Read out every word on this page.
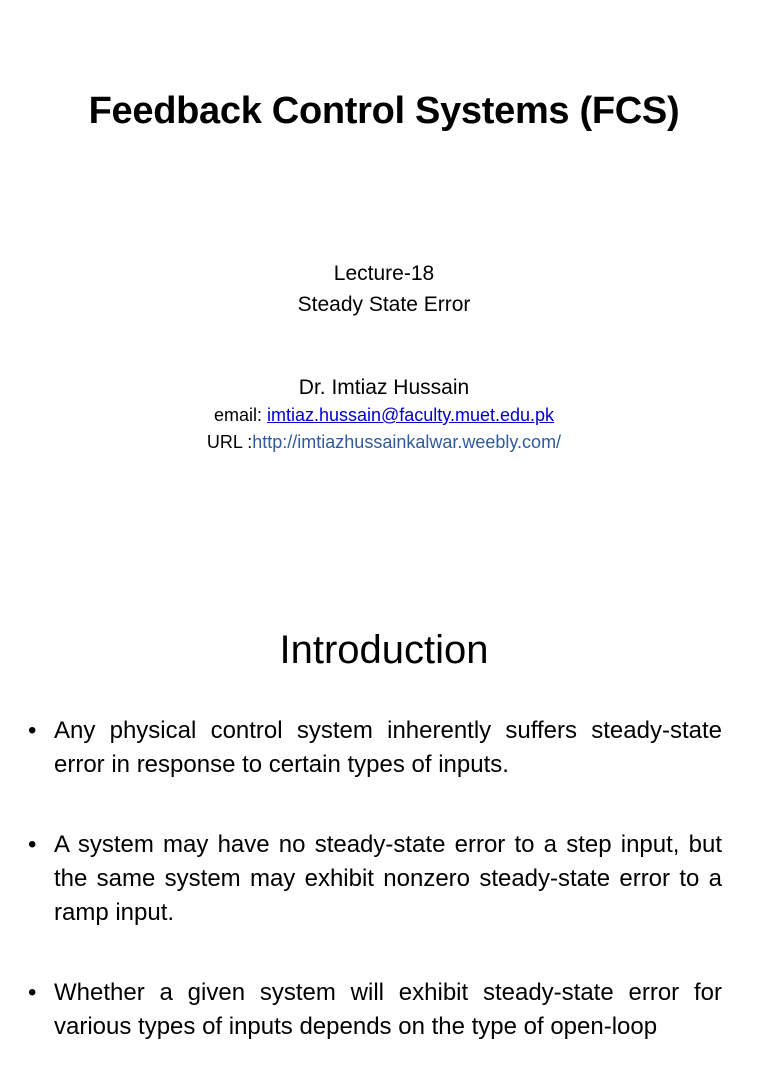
Feedback Control Systems (FCS)
Lecture-18
Steady State Error
Dr. Imtiaz Hussain
email: imtiaz.hussain@faculty.muet.edu.pk
URL :http://imtiazhussainkalwar.weebly.com/
Introduction
• Any physical control system inherently suffers steady-state error in response to certain types of inputs.
• A system may have no steady-state error to a step input, but the same system may exhibit nonzero steady-state error to a ramp input.
• Whether a given system will exhibit steady-state error for various types of inputs depends on the type of open-loop
